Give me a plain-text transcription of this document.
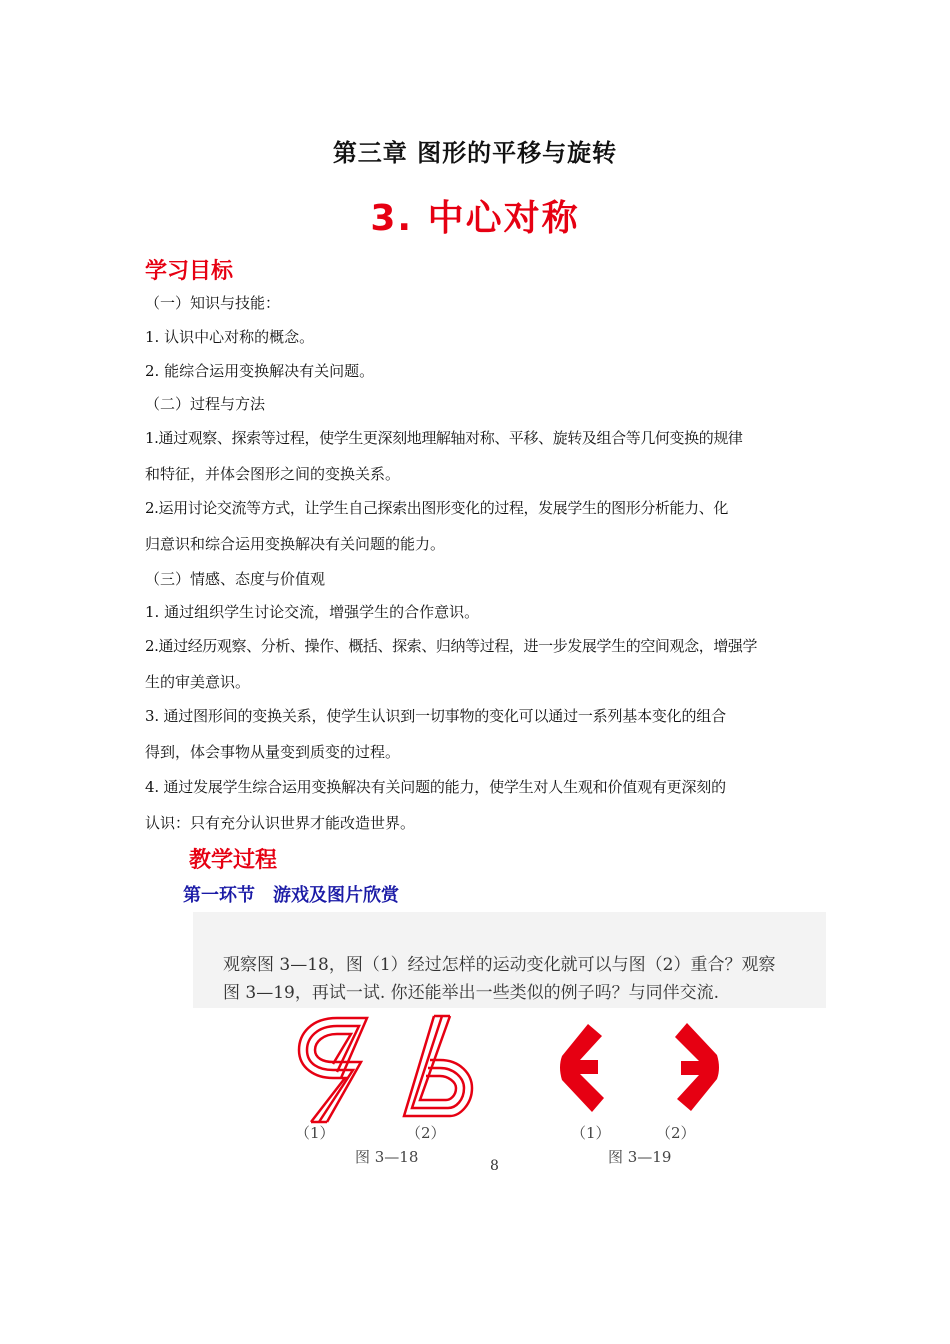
第三章 图形的平移与旋转
3. 中心对称
学习目标
（一）知识与技能：
1. 认识中心对称的概念。
2. 能综合运用变换解决有关问题。
（二）过程与方法
1.通过观察、探索等过程，使学生更深刻地理解轴对称、平移、旋转及组合等几何变换的规律
和特征，并体会图形之间的变换关系。
2.运用讨论交流等方式，让学生自己探索出图形变化的过程，发展学生的图形分析能力、化
归意识和综合运用变换解决有关问题的能力。
（三）情感、态度与价值观
1. 通过组织学生讨论交流，增强学生的合作意识。
2.通过经历观察、分析、操作、概括、探索、归纳等过程，进一步发展学生的空间观念，增强学
生的审美意识。
3. 通过图形间的变换关系，使学生认识到一切事物的变化可以通过一系列基本变化的组合
得到，体会事物从量变到质变的过程。
4. 通过发展学生综合运用变换解决有关问题的能力，使学生对人生观和价值观有更深刻的
认识：只有充分认识世界才能改造世界。
教学过程
第一环节　游戏及图片欣赏
观察图 3—18，图（1）经过怎样的运动变化就可以与图（2）重合？观察
图 3—19，再试一试. 你还能举出一些类似的例子吗？与同伴交流.
（1）	（2）	（1）	（2）
图 3—18	图 3—19
8
